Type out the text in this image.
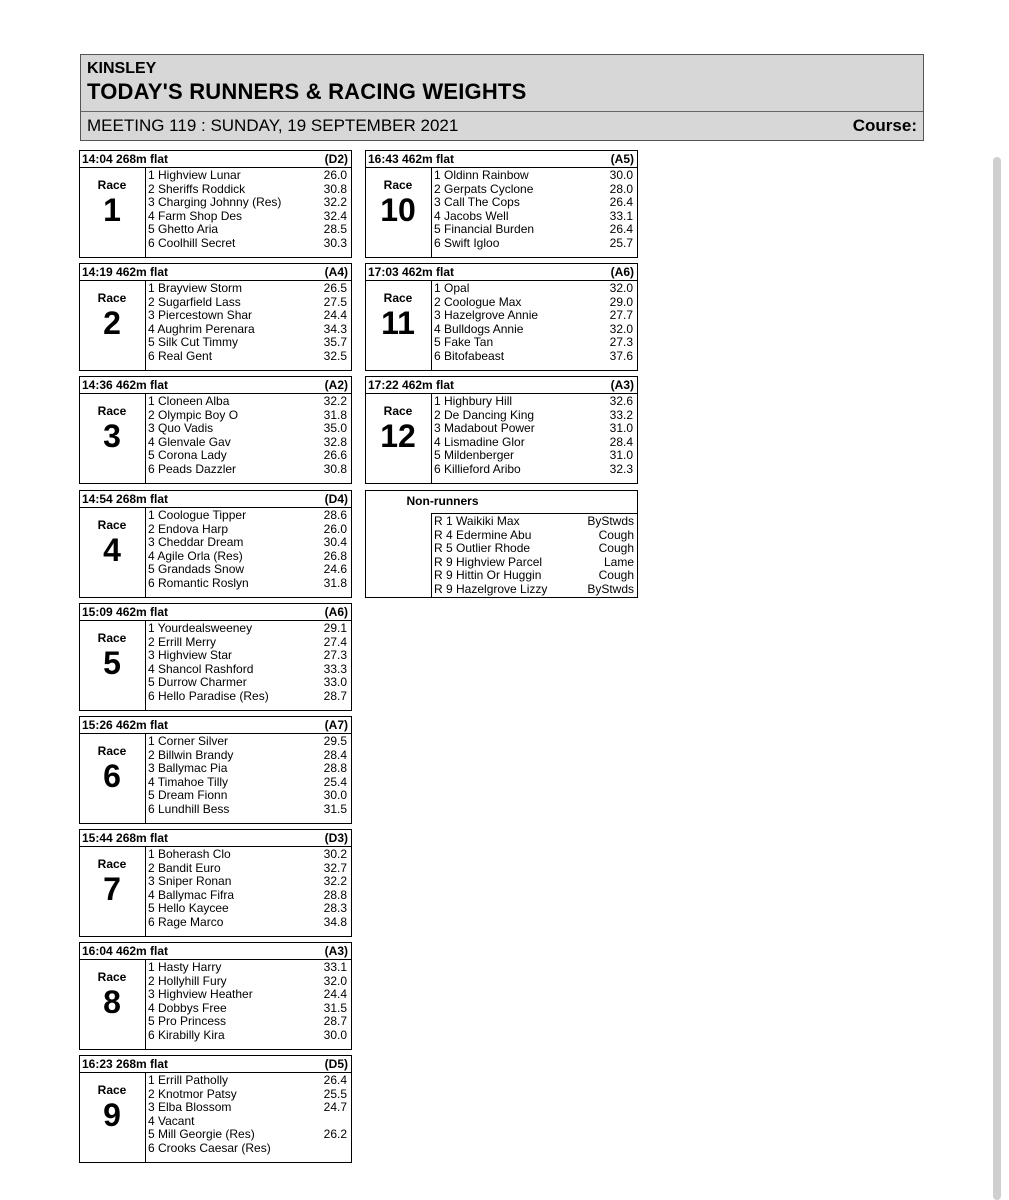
KINSLEY
TODAY'S RUNNERS & RACING WEIGHTS
MEETING 119 : SUNDAY, 19 SEPTEMBER 2021	Course:
14:04 268m flat	(D2)
Race
1
1 Highview Lunar	26.0
2 Sheriffs Roddick	30.8
3 Charging Johnny (Res)	32.2
4 Farm Shop Des	32.4
5 Ghetto Aria	28.5
6 Coolhill Secret	30.3
14:19 462m flat	(A4)
Race
2
1 Brayview Storm	26.5
2 Sugarfield Lass	27.5
3 Piercestown Shar	24.4
4 Aughrim Perenara	34.3
5 Silk Cut Timmy	35.7
6 Real Gent	32.5
14:36 462m flat	(A2)
Race
3
1 Cloneen Alba	32.2
2 Olympic Boy O	31.8
3 Quo Vadis	35.0
4 Glenvale Gav	32.8
5 Corona Lady	26.6
6 Peads Dazzler	30.8
14:54 268m flat	(D4)
Race
4
1 Coologue Tipper	28.6
2 Endova Harp	26.0
3 Cheddar Dream	30.4
4 Agile Orla (Res)	26.8
5 Grandads Snow	24.6
6 Romantic Roslyn	31.8
15:09 462m flat	(A6)
Race
5
1 Yourdealsweeney	29.1
2 Errill Merry	27.4
3 Highview Star	27.3
4 Shancol Rashford	33.3
5 Durrow Charmer	33.0
6 Hello Paradise (Res)	28.7
15:26 462m flat	(A7)
Race
6
1 Corner Silver	29.5
2 Billwin Brandy	28.4
3 Ballymac Pia	28.8
4 Timahoe Tilly	25.4
5 Dream Fionn	30.0
6 Lundhill Bess	31.5
15:44 268m flat	(D3)
Race
7
1 Boherash Clo	30.2
2 Bandit Euro	32.7
3 Sniper Ronan	32.2
4 Ballymac Fifra	28.8
5 Hello Kaycee	28.3
6 Rage Marco	34.8
16:04 462m flat	(A3)
Race
8
1 Hasty Harry	33.1
2 Hollyhill Fury	32.0
3 Highview Heather	24.4
4 Dobbys Free	31.5
5 Pro Princess	28.7
6 Kirabilly Kira	30.0
16:23 268m flat	(D5)
Race
9
1 Errill Patholly	26.4
2 Knotmor Patsy	25.5
3 Elba Blossom	24.7
4 Vacant
5 Mill Georgie (Res)	26.2
6 Crooks Caesar (Res)
16:43 462m flat	(A5)
Race
10
1 Oldinn Rainbow	30.0
2 Gerpats Cyclone	28.0
3 Call The Cops	26.4
4 Jacobs Well	33.1
5 Financial Burden	26.4
6 Swift Igloo	25.7
17:03 462m flat	(A6)
Race
11
1 Opal	32.0
2 Coologue Max	29.0
3 Hazelgrove Annie	27.7
4 Bulldogs Annie	32.0
5 Fake Tan	27.3
6 Bitofabeast	37.6
17:22 462m flat	(A3)
Race
12
1 Highbury Hill	32.6
2 De Dancing King	33.2
3 Madabout Power	31.0
4 Lismadine Glor	28.4
5 Mildenberger	31.0
6 Killieford Aribo	32.3
Non-runners
R 1 Waikiki Max	ByStwds
R 4 Edermine Abu	Cough
R 5 Outlier Rhode	Cough
R 9 Highview Parcel	Lame
R 9 Hittin Or Huggin	Cough
R 9 Hazelgrove Lizzy	ByStwds
